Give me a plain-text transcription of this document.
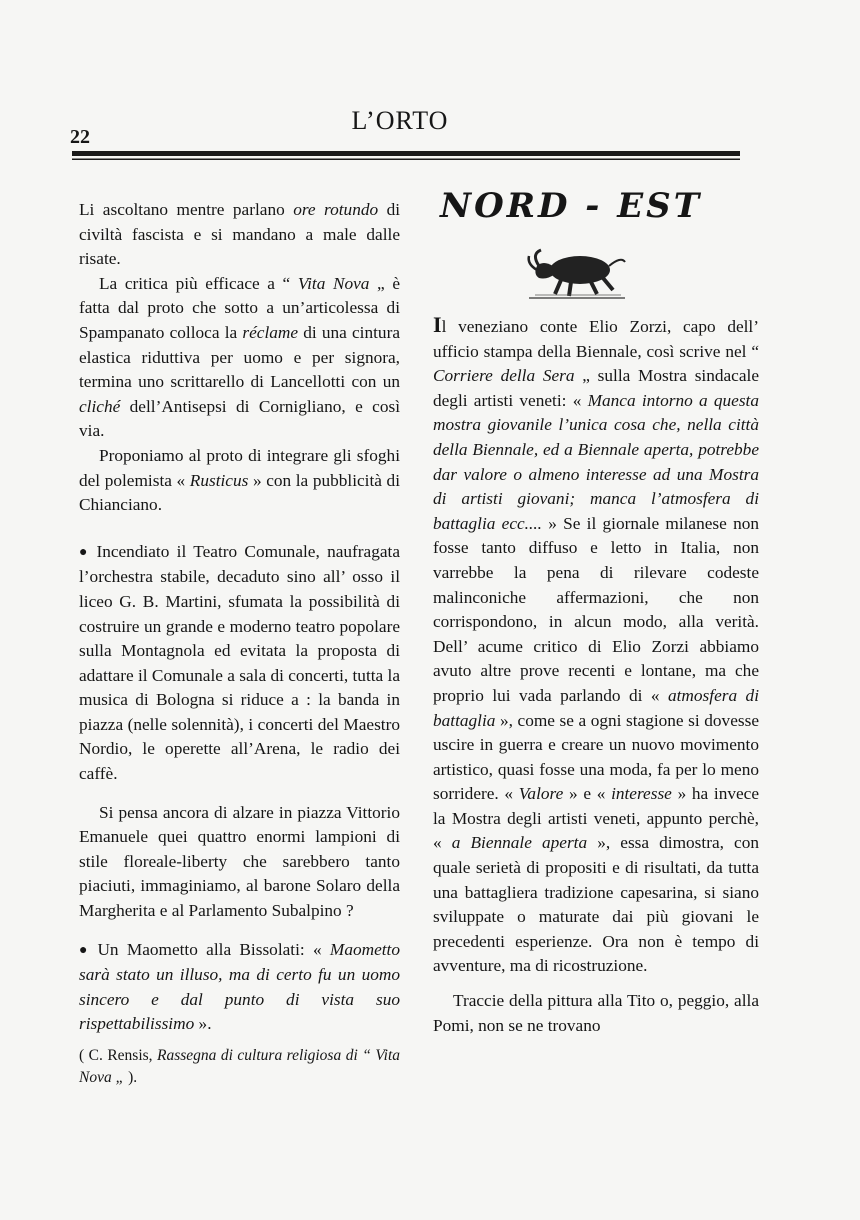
22
L’ORTO

Li ascoltano mentre parlano ore rotundo di civiltà fascista e si mandano a male dalle risate.

La critica più efficace a “ Vita Nova „ è fatta dal proto che sotto a un’articolessa di Spampanato colloca la réclame di una cintura elastica riduttiva per uomo e per signora, termina uno scrittarello di Lancellotti con un cliché dell’Antisepsi di Cornigliano, e così via.

Proponiamo al proto di integrare gli sfoghi del polemista « Rusticus » con la pubblicità di Chianciano.

● Incendiato il Teatro Comunale, naufragata l’orchestra stabile, decaduto sino all’ osso il liceo G. B. Martini, sfumata la possibilità di costruire un grande e moderno teatro popolare sulla Montagnola ed evitata la proposta di adattare il Comunale a sala di concerti, tutta la musica di Bologna si riduce a : la banda in piazza (nelle solennità), i concerti del Maestro Nordio, le operette all’Arena, le radio dei caffè.

Si pensa ancora di alzare in piazza Vittorio Emanuele quei quattro enormi lampioni di stile floreale-liberty che sarebbero tanto piaciuti, immaginiamo, al barone Solaro della Margherita e al Parlamento Subalpino ?

● Un Maometto alla Bissolati: « Maometto sarà stato un illuso, ma di certo fu un uomo sincero e dal punto di vista suo rispettabilissimo ».

( C. Rensis, Rassegna di cultura religiosa di “ Vita Nova „ ).

NORD - EST

Il veneziano conte Elio Zorzi, capo dell’ ufficio stampa della Biennale, così scrive nel “ Corriere della Sera „ sulla Mostra sindacale degli artisti veneti: « Manca intorno a questa mostra giovanile l’unica cosa che, nella città della Biennale, ed a Biennale aperta, potrebbe dar valore o almeno interesse ad una Mostra di artisti giovani; manca l’atmosfera di battaglia ecc.... » Se il giornale milanese non fosse tanto diffuso e letto in Italia, non varrebbe la pena di rilevare codeste malinconiche affermazioni, che non corrispondono, in alcun modo, alla verità. Dell’ acume critico di Elio Zorzi abbiamo avuto altre prove recenti e lontane, ma che proprio lui vada parlando di « atmosfera di battaglia », come se a ogni stagione si dovesse uscire in guerra e creare un nuovo movimento artistico, quasi fosse una moda, fa per lo meno sorridere. « Valore » e « interesse » ha invece la Mostra degli artisti veneti, appunto perchè, « a Biennale aperta », essa dimostra, con quale serietà di propositi e di risultati, da tutta una battagliera tradizione capesarina, si siano sviluppate o maturate dai più giovani le precedenti esperienze. Ora non è tempo di avventure, ma di ricostruzione.

Traccie della pittura alla Tito o, peggio, alla Pomi, non se ne trovano
